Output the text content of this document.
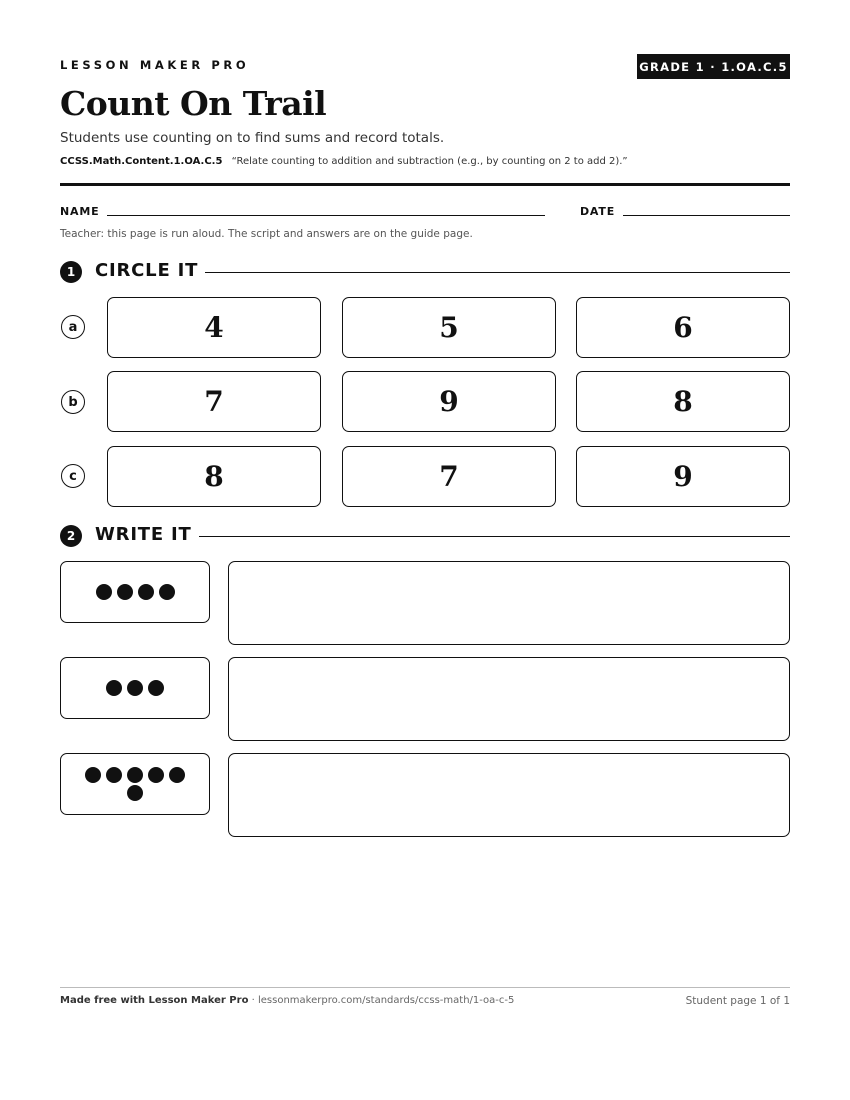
LESSON MAKER PRO	GRADE 1 · 1.OA.C.5
Count On Trail
Students use counting on to find sums and record totals.
CCSS.Math.Content.1.OA.C.5 “Relate counting to addition and subtraction (e.g., by counting on 2 to add 2).”
NAME	DATE
Teacher: this page is run aloud. The script and answers are on the guide page.
1	CIRCLE IT
a	4	5	6
b	7	9	8
c	8	7	9
2	WRITE IT
Made free with Lesson Maker Pro · lessonmakerpro.com/standards/ccss-math/1-oa-c-5	Student page 1 of 1
